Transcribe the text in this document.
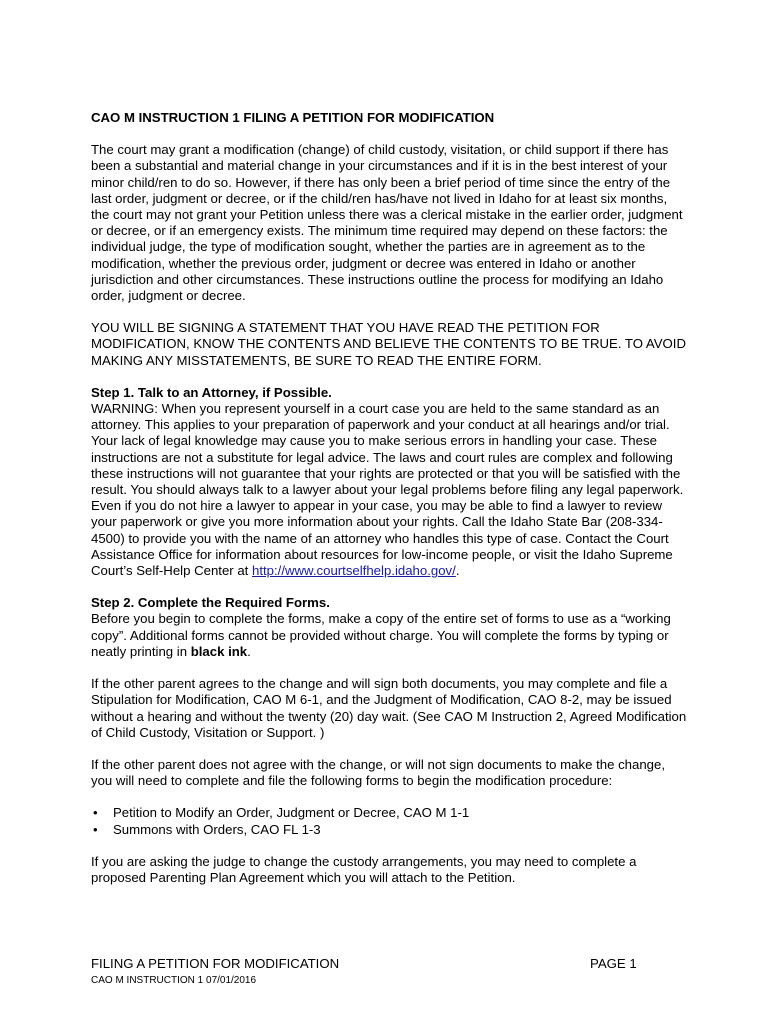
CAO M INSTRUCTION 1 FILING A PETITION FOR MODIFICATION

The court may grant a modification (change) of child custody, visitation, or child support if there has been a substantial and material change in your circumstances and if it is in the best interest of your minor child/ren to do so. However, if there has only been a brief period of time since the entry of the last order, judgment or decree, or if the child/ren has/have not lived in Idaho for at least six months, the court may not grant your Petition unless there was a clerical mistake in the earlier order, judgment or decree, or if an emergency exists. The minimum time required may depend on these factors: the individual judge, the type of modification sought, whether the parties are in agreement as to the modification, whether the previous order, judgment or decree was entered in Idaho or another jurisdiction and other circumstances. These instructions outline the process for modifying an Idaho order, judgment or decree.

YOU WILL BE SIGNING A STATEMENT THAT YOU HAVE READ THE PETITION FOR MODIFICATION, KNOW THE CONTENTS AND BELIEVE THE CONTENTS TO BE TRUE. TO AVOID MAKING ANY MISSTATEMENTS, BE SURE TO READ THE ENTIRE FORM.

Step 1. Talk to an Attorney, if Possible.
WARNING: When you represent yourself in a court case you are held to the same standard as an attorney. This applies to your preparation of paperwork and your conduct at all hearings and/or trial. Your lack of legal knowledge may cause you to make serious errors in handling your case. These instructions are not a substitute for legal advice. The laws and court rules are complex and following these instructions will not guarantee that your rights are protected or that you will be satisfied with the result. You should always talk to a lawyer about your legal problems before filing any legal paperwork. Even if you do not hire a lawyer to appear in your case, you may be able to find a lawyer to review your paperwork or give you more information about your rights. Call the Idaho State Bar (208-334-4500) to provide you with the name of an attorney who handles this type of case. Contact the Court Assistance Office for information about resources for low-income people, or visit the Idaho Supreme Court’s Self-Help Center at http://www.courtselfhelp.idaho.gov/.

Step 2. Complete the Required Forms.
Before you begin to complete the forms, make a copy of the entire set of forms to use as a “working copy”. Additional forms cannot be provided without charge. You will complete the forms by typing or neatly printing in black ink.

If the other parent agrees to the change and will sign both documents, you may complete and file a Stipulation for Modification, CAO M 6-1, and the Judgment of Modification, CAO 8-2, may be issued without a hearing and without the twenty (20) day wait. (See CAO M Instruction 2, Agreed Modification of Child Custody, Visitation or Support. )

If the other parent does not agree with the change, or will not sign documents to make the change, you will need to complete and file the following forms to begin the modification procedure:

• Petition to Modify an Order, Judgment or Decree, CAO M 1-1
• Summons with Orders, CAO FL 1-3

If you are asking the judge to change the custody arrangements, you may need to complete a proposed Parenting Plan Agreement which you will attach to the Petition.

FILING A PETITION FOR MODIFICATION	PAGE 1
CAO M INSTRUCTION 1 07/01/2016
